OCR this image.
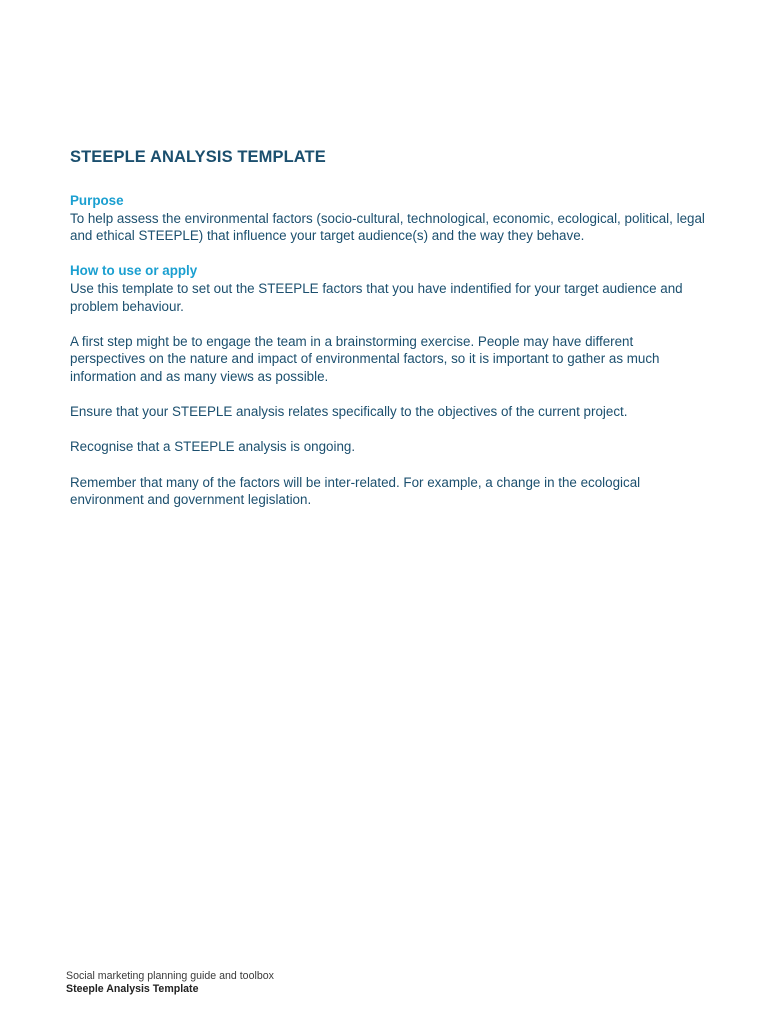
STEEPLE ANALYSIS TEMPLATE

Purpose

To help assess the environmental factors (socio-cultural, technological, economic, ecological, political, legal and ethical STEEPLE) that influence your target audience(s) and the way they behave.

How to use or apply

Use this template to set out the STEEPLE factors that you have indentified for your target audience and problem behaviour.

A first step might be to engage the team in a brainstorming exercise. People may have different perspectives on the nature and impact of environmental factors, so it is important to gather as much information and as many views as possible.

Ensure that your STEEPLE analysis relates specifically to the objectives of the current project.

Recognise that a STEEPLE analysis is ongoing.

Remember that many of the factors will be inter-related. For example, a change in the ecological environment and government legislation.

Social marketing planning guide and toolbox

Steeple Analysis Template
